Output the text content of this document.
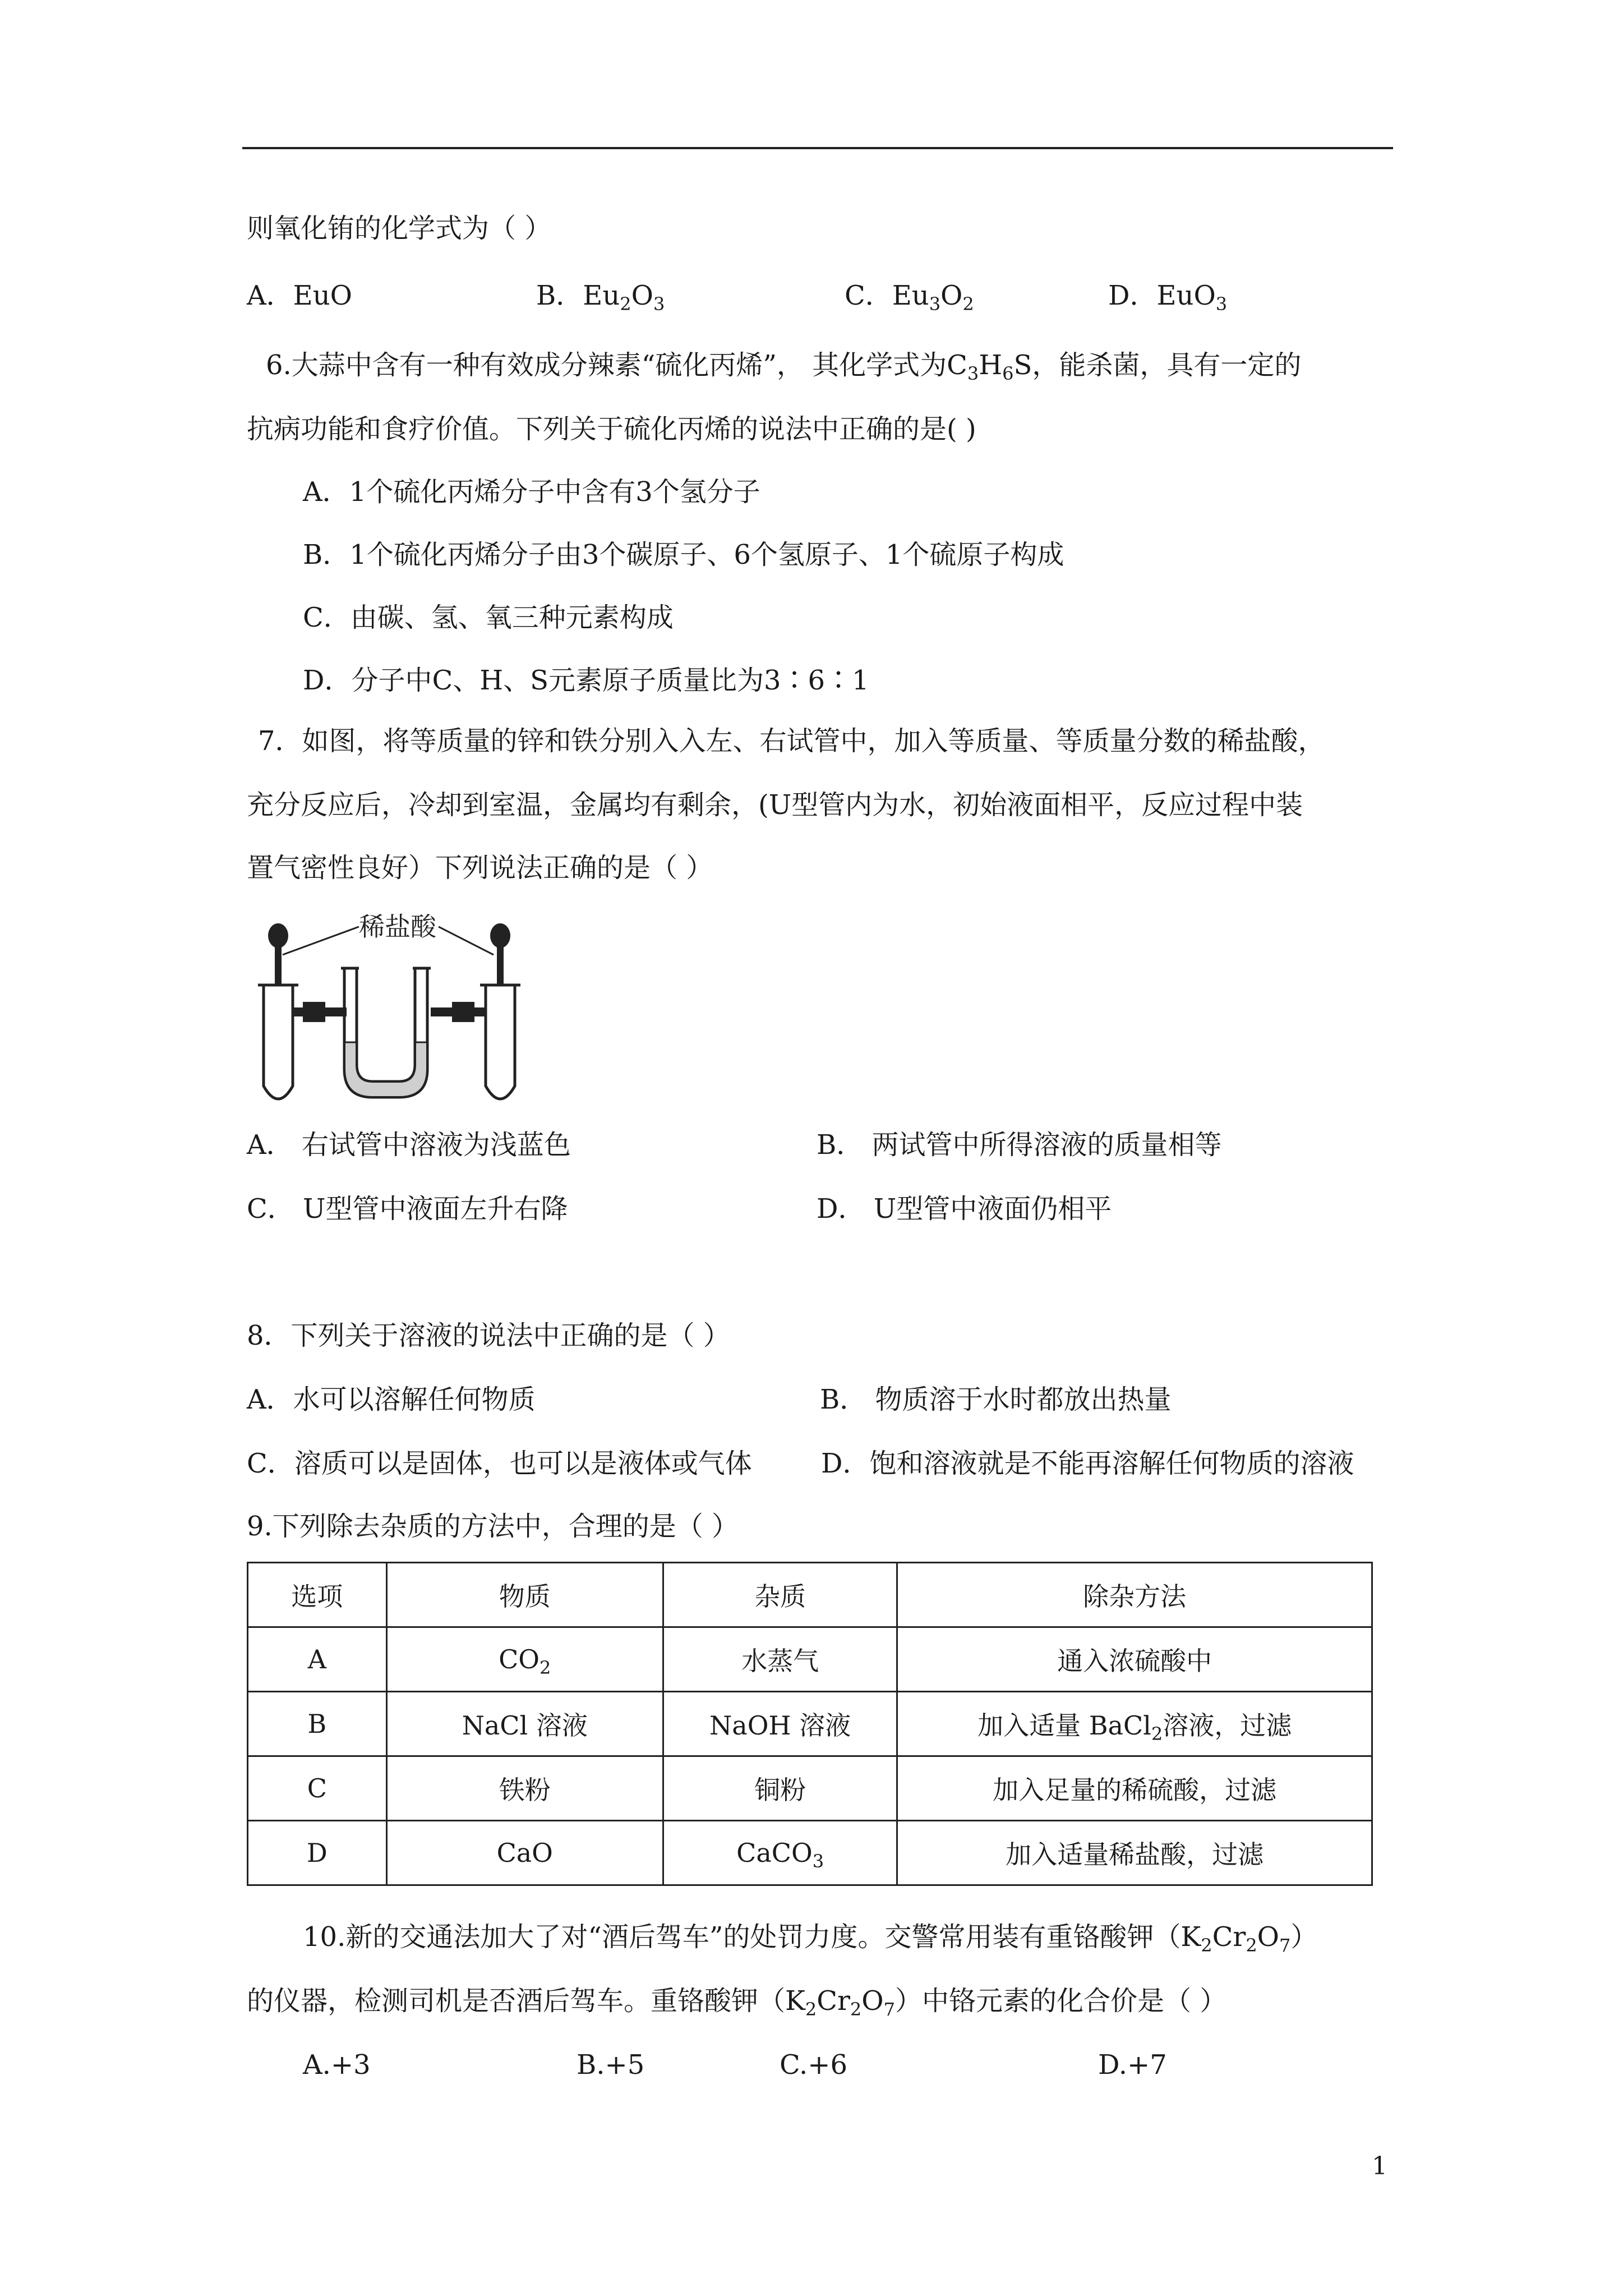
则氧化铕的化学式为（ ）
A．EuO	B．$Eu_2O_3$	C．$Eu_3O_2$	D．EuO$_3$
6.大蒜中含有一种有效成分辣素“硫化丙烯”， 其化学式为$C_3H_6S$，能杀菌，具有一定的
抗病功能和食疗价值。下列关于硫化丙烯的说法中正确的是( )
A．1个硫化丙烯分子中含有3个氢分子
B．1个硫化丙烯分子由3个碳原子、6个氢原子、1个硫原子构成
C．由碳、氢、氧三种元素构成
D．分子中C、H、S元素原子质量比为3∶6∶1
7．如图，将等质量的锌和铁分别入入左、右试管中，加入等质量、等质量分数的稀盐酸，
充分反应后，冷却到室温，金属均有剩余，(U型管内为水，初始液面相平，反应过程中装
置气密性良好）下列说法正确的是（ ）
稀盐酸
A． 右试管中溶液为浅蓝色	B． 两试管中所得溶液的质量相等
C． U型管中液面左升右降	D． U型管中液面仍相平
8．下列关于溶液的说法中正确的是（ ）
A．水可以溶解任何物质	B． 物质溶于水时都放出热量
C．溶质可以是固体，也可以是液体或气体	D．饱和溶液就是不能再溶解任何物质的溶液
9.下列除去杂质的方法中，合理的是（ ）
选项	物质	杂质	除杂方法
A	$CO_2$	水蒸气	通入浓硫酸中
B	NaCl 溶液	NaOH 溶液	加入适量 BaCl$_2$溶液，过滤
C	铁粉	铜粉	加入足量的稀硫酸，过滤
D	CaO	CaCO$_3$	加入适量稀盐酸，过滤
10.新的交通法加大了对“酒后驾车”的处罚力度。交警常用装有重铬酸钾$(K_2Cr_2O_7)$
的仪器，检测司机是否酒后驾车。重铬酸钾$(K_2Cr_2O_7)$中铬元素的化合价是（ ）
A.+3	B.+5	C.+6	D.+7
1
